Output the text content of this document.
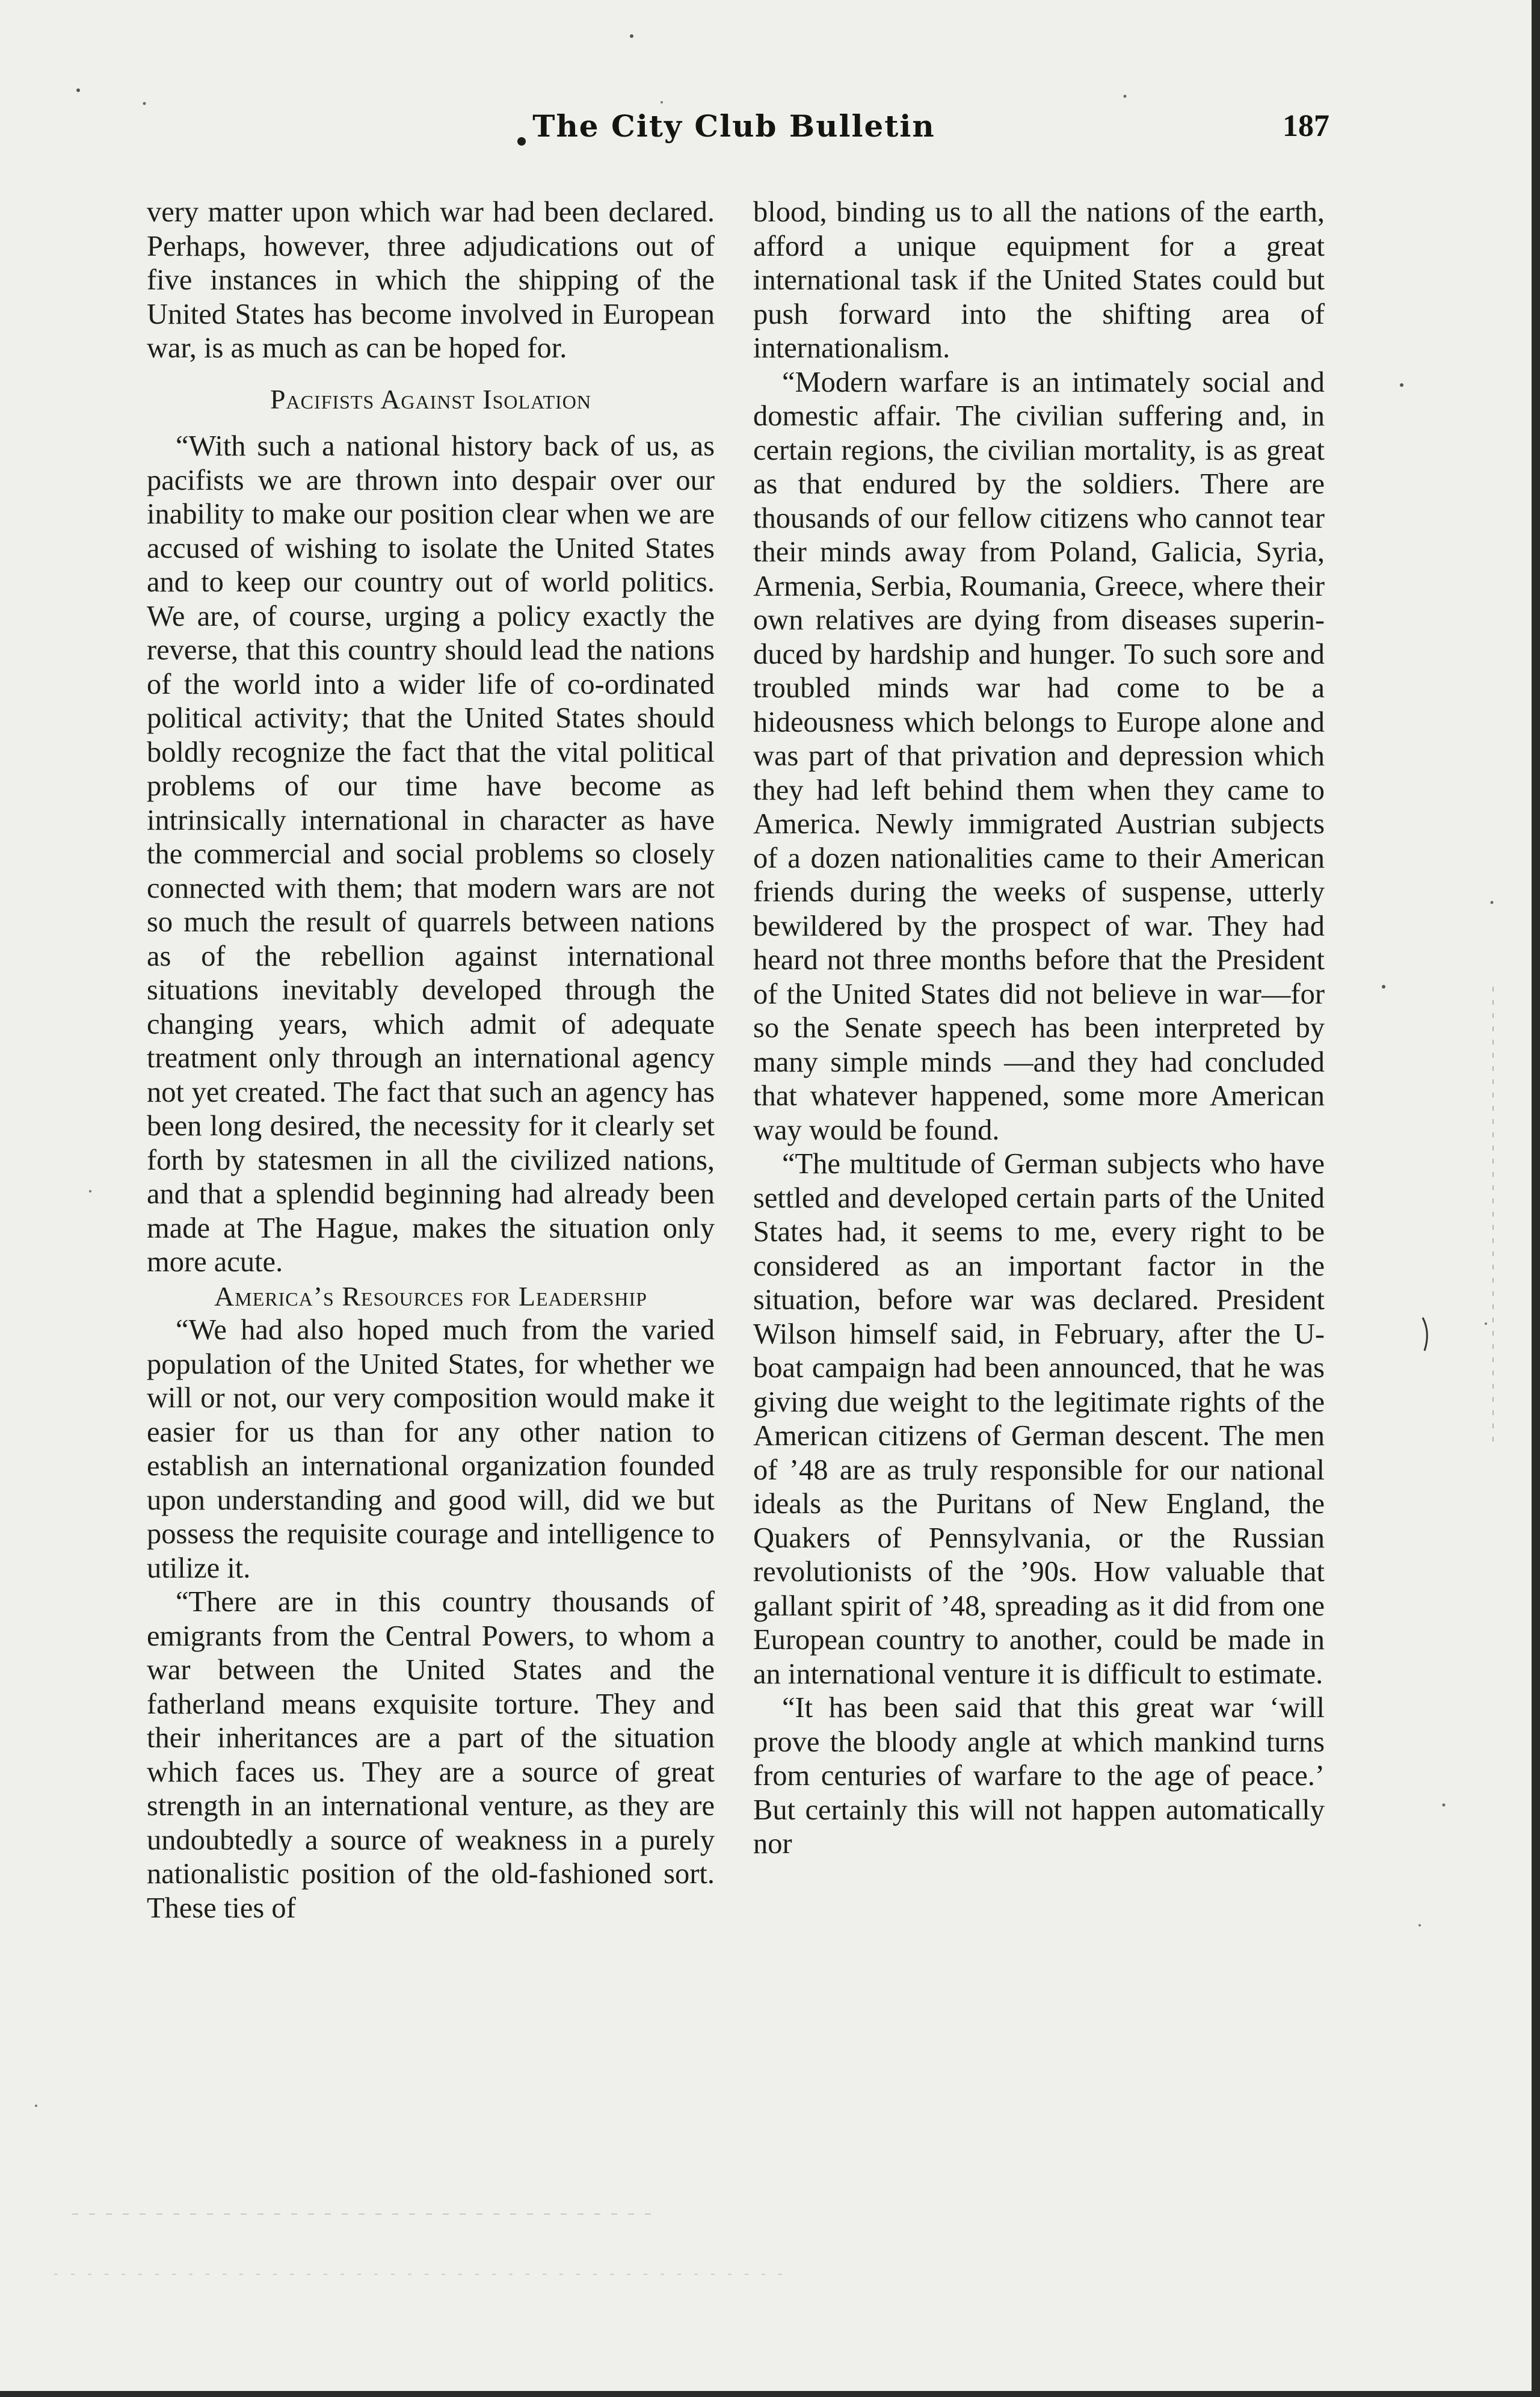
The City Club Bulletin	187

very matter upon which war had been declared. Perhaps, however, three adjudications out of five instances in which the shipping of the United States has become involved in European war, is as much as can be hoped for.

Pacifists Against Isolation

“With such a national history back of us, as pacifists we are thrown into despair over our inability to make our position clear when we are accused of wishing to isolate the United States and to keep our country out of world politics. We are, of course, urging a policy exactly the reverse, that this country should lead the nations of the world into a wider life of co-ordinated political activity; that the United States should boldly recognize the fact that the vital political problems of our time have become as intrinsically international in character as have the commercial and social problems so closely connected with them; that modern wars are not so much the result of quarrels between nations as of the rebellion against international situations inevitably developed through the changing years, which admit of adequate treatment only through an international agency not yet created. The fact that such an agency has been long desired, the necessity for it clearly set forth by statesmen in all the civilized nations, and that a splendid beginning had already been made at The Hague, makes the situation only more acute.

America’s Resources for Leadership

“We had also hoped much from the varied population of the United States, for whether we will or not, our very composition would make it easier for us than for any other nation to establish an international organization founded upon understanding and good will, did we but possess the requisite courage and intelligence to utilize it.

“There are in this country thousands of emigrants from the Central Powers, to whom a war between the United States and the fatherland means exquisite torture. They and their inheritances are a part of the situation which faces us. They are a source of great strength in an international venture, as they are undoubtedly a source of weakness in a purely nationalistic position of the old-fashioned sort. These ties of

blood, binding us to all the nations of the earth, afford a unique equipment for a great international task if the United States could but push forward into the shifting area of internationalism.

“Modern warfare is an intimately social and domestic affair. The civilian suffering and, in certain regions, the civilian mortality, is as great as that endured by the soldiers. There are thousands of our fellow citizens who cannot tear their minds away from Poland, Galicia, Syria, Armenia, Serbia, Roumania, Greece, where their own relatives are dying from diseases superinduced by hardship and hunger. To such sore and troubled minds war had come to be a hideousness which belongs to Europe alone and was part of that privation and depression which they had left behind them when they came to America. Newly immigrated Austrian subjects of a dozen nationalities came to their American friends during the weeks of suspense, utterly bewildered by the prospect of war. They had heard not three months before that the President of the United States did not believe in war—for so the Senate speech has been interpreted by many simple minds —and they had concluded that whatever happened, some more American way would be found.

“The multitude of German subjects who have settled and developed certain parts of the United States had, it seems to me, every right to be considered as an important factor in the situation, before war was declared. President Wilson himself said, in February, after the U-boat campaign had been announced, that he was giving due weight to the legitimate rights of the American citizens of German descent. The men of ’48 are as truly responsible for our national ideals as the Puritans of New England, the Quakers of Pennsylvania, or the Russian revolutionists of the ’90s. How valuable that gallant spirit of ’48, spreading as it did from one European country to another, could be made in an international venture it is difficult to estimate.

“It has been said that this great war ‘will prove the bloody angle at which mankind turns from centuries of warfare to the age of peace.’ But certainly this will not happen automatically nor
